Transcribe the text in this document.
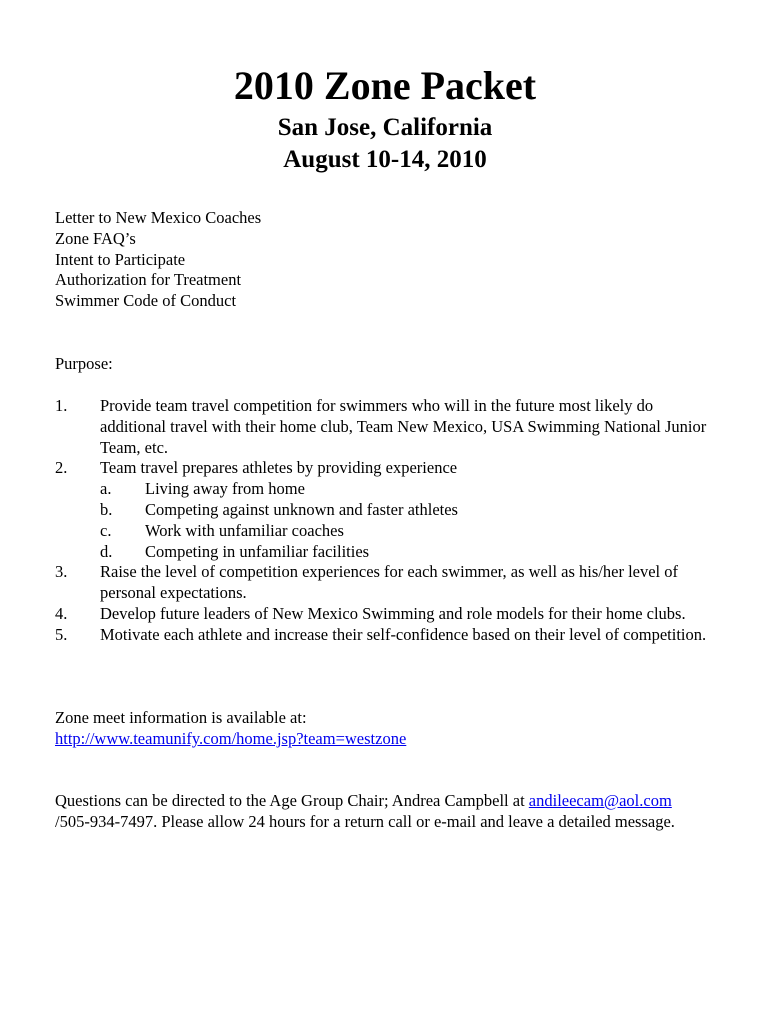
2010 Zone Packet
San Jose, California
August 10-14, 2010
Letter to New Mexico Coaches
Zone FAQ’s
Intent to Participate
Authorization for Treatment
Swimmer Code of Conduct
Purpose:
1. Provide team travel competition for swimmers who will in the future most likely do additional travel with their home club, Team New Mexico, USA Swimming National Junior Team, etc.
2. Team travel prepares athletes by providing experience
a. Living away from home
b. Competing against unknown and faster athletes
c. Work with unfamiliar coaches
d. Competing in unfamiliar facilities
3. Raise the level of competition experiences for each swimmer, as well as his/her level of personal expectations.
4. Develop future leaders of New Mexico Swimming and role models for their home clubs.
5. Motivate each athlete and increase their self-confidence based on their level of competition.
Zone meet information is available at:
http://www.teamunify.com/home.jsp?team=westzone
Questions can be directed to the Age Group Chair; Andrea Campbell at andileecam@aol.com
/505-934-7497. Please allow 24 hours for a return call or e-mail and leave a detailed message.
